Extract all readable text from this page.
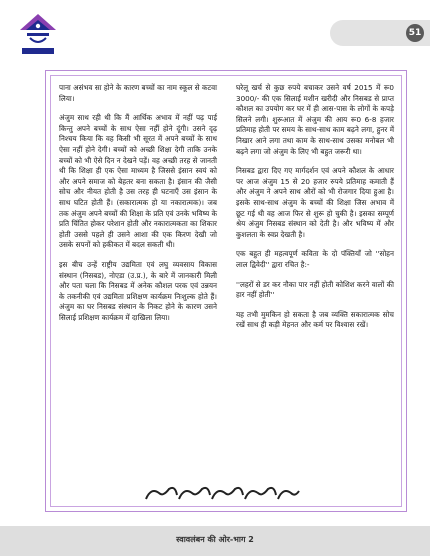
51

पाना असंभव सा होने के कारण बच्चों का नाम स्कूल से कटवा लिया।

अंजुम साथ रही थी कि मैं आर्थिक अभाव में नहीं पढ़ पाई किन्तु अपने बच्चों के साथ ऐसा नहीं होने दूंगी। उसने दृढ़ निश्चय किया कि वह किसी भी सूरत में अपने बच्चों के साथ ऐसा नहीं होने देगी। बच्चों को अच्छी शिक्षा देगी ताकि उनके बच्चों को भी ऐसे दिन न देखने पड़ें। वह अच्छी तरह से जानती थी कि शिक्षा ही एक ऐसा माध्यम है जिससे इंसान स्वयं को और अपने समाज को बेहतर बना सकता है। इंसान की जैसी सोच और नीयत होती है उस तरह ही घटनाएँ उस इंसान के साथ घटित होती हैं। (सकारात्मक हो या नकारात्मक)। जब तक अंजुम अपने बच्चों की शिक्षा के प्रति एवं उनके भविष्य के प्रति चिंतित होकर परेशान होती और नकारात्मकता का शिकार होती उससे पहले ही उसने आशा की एक किरण देखी जो उसके सपनों को हकीकत में बदल सकती थी।

इस बीच उन्हें राष्ट्रीय उद्यमिता एवं लघु व्यवसाय विकास संस्थान (निसबड), नोएडा (उ.प्र.), के बारे में जानकारी मिली और पता चला कि निसबड में अनेक कौशल परक एवं उन्नयन के तकनीकी एवं उद्यमिता प्रशिक्षण कार्यक्रम निःशुल्क होते हैं। अंजुम का घर निसबड संस्थान के निकट होने के कारण उसने सिलाई प्रशिक्षण कार्यक्रम में दाखिला लिया।

घरेलू खर्च से कुछ रुपये बचाकर उसने वर्ष 2015 में रू0 3000/- की एक सिलाई मशीन खरीदी और निसबड से प्राप्त कौशल का उपयोग कर घर में ही आस-पास के लोगों के कपड़े सिलने लगी। शुरूआत में अंजुम की आय रू0 6-8 हजार प्रतिमाह होती पर समय के साथ-साथ काम बढ़ने लगा, हुनर में निखार आने लगा तथा काम के साथ-साथ उसका मनोबल भी बढ़ने लगा जो अंजुम के लिए भी बहुत जरूरी था।

निसबड द्वारा दिए गए मार्गदर्शन एवं अपने कौशल के आधार पर आज अंजुम 15 से 20 हजार रुपये प्रतिमाह कमाती हैं और अंजुम ने अपने साथ औरों को भी रोजगार दिया हुआ है। इसके साथ-साथ अंजुम के बच्चों की शिक्षा जिस अभाव में छूट गई थी वह आज फिर से शुरू हो चुकी है। इसका सम्पूर्ण श्रेय अंजुम निसबड संस्थान को देती है। और भविष्य में और कुशलता के स्वप्न देखती है।

एक बहुत ही महत्वपूर्ण कविता के दो पंक्तियाँ जो ''सोहन लाल द्विवेदी'' द्वारा रचित है:-

''लहरों से डर कर नौका पार नहीं होती कोशिश करने वालों की हार नहीं होती''

यह तभी मुमकिन हो सकता है जब व्यक्ति सकारात्मक सोच रखें साथ ही कड़ी मेहनत और कर्म पर विश्वास रखें।

स्वावलंबन की ओर-भाग 2
